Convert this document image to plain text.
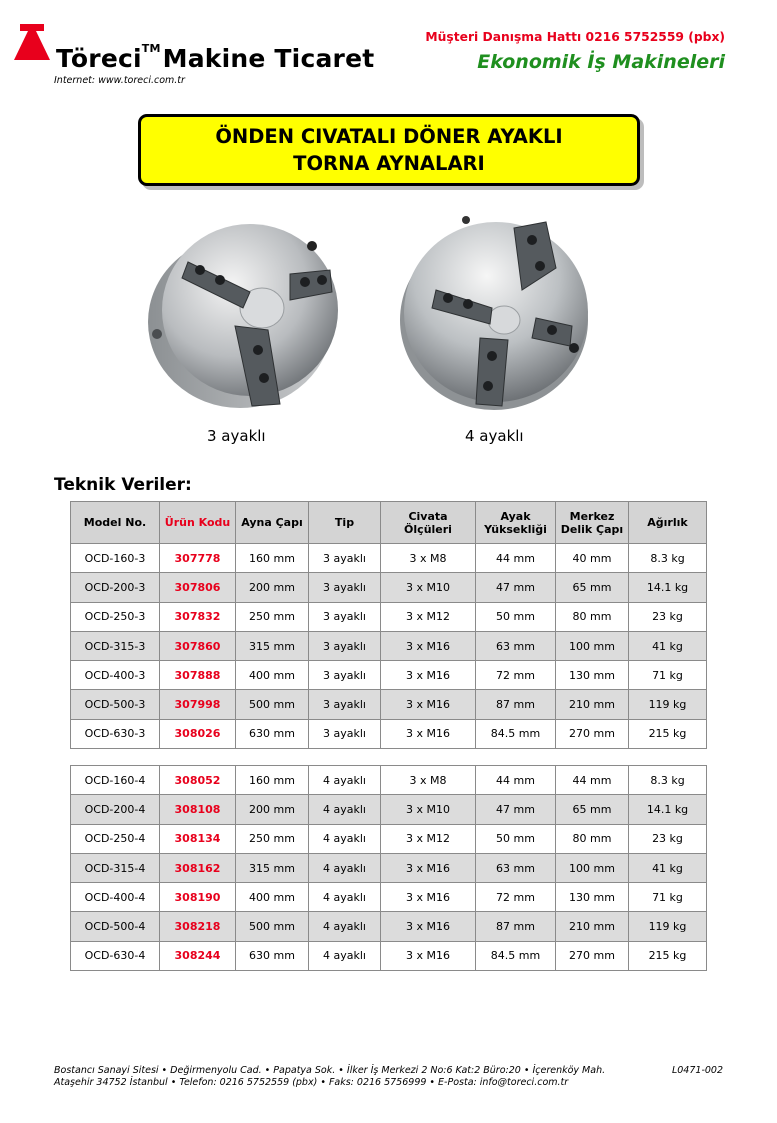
Töreci™Makine Ticaret
Internet: www.toreci.com.tr
Müşteri Danışma Hattı 0216 5752559 (pbx)
Ekonomik İş Makineleri
ÖNDEN CIVATALI DÖNER AYAKLI
TORNA AYNALARI
3 ayaklı	4 ayaklı
Teknik Veriler:
Model No.	Ürün Kodu	Ayna Çapı	Tip	Civata Ölçüleri	Ayak Yüksekliği	Merkez Delik Çapı	Ağırlık
OCD-160-3	307778	160 mm	3 ayaklı	3 x M8	44 mm	40 mm	8.3 kg
OCD-200-3	307806	200 mm	3 ayaklı	3 x M10	47 mm	65 mm	14.1 kg
OCD-250-3	307832	250 mm	3 ayaklı	3 x M12	50 mm	80 mm	23 kg
OCD-315-3	307860	315 mm	3 ayaklı	3 x M16	63 mm	100 mm	41 kg
OCD-400-3	307888	400 mm	3 ayaklı	3 x M16	72 mm	130 mm	71 kg
OCD-500-3	307998	500 mm	3 ayaklı	3 x M16	87 mm	210 mm	119 kg
OCD-630-3	308026	630 mm	3 ayaklı	3 x M16	84.5 mm	270 mm	215 kg
OCD-160-4	308052	160 mm	4 ayaklı	3 x M8	44 mm	44 mm	8.3 kg
OCD-200-4	308108	200 mm	4 ayaklı	3 x M10	47 mm	65 mm	14.1 kg
OCD-250-4	308134	250 mm	4 ayaklı	3 x M12	50 mm	80 mm	23 kg
OCD-315-4	308162	315 mm	4 ayaklı	3 x M16	63 mm	100 mm	41 kg
OCD-400-4	308190	400 mm	4 ayaklı	3 x M16	72 mm	130 mm	71 kg
OCD-500-4	308218	500 mm	4 ayaklı	3 x M16	87 mm	210 mm	119 kg
OCD-630-4	308244	630 mm	4 ayaklı	3 x M16	84.5 mm	270 mm	215 kg
Bostancı Sanayi Sitesi • Değirmenyolu Cad. • Papatya Sok. • İlker İş Merkezi 2 No:6 Kat:2 Büro:20 • İçerenköy Mah.
Ataşehir 34752 İstanbul • Telefon: 0216 5752559 (pbx) • Faks: 0216 5756999 • E-Posta: info@toreci.com.tr
L0471-002
